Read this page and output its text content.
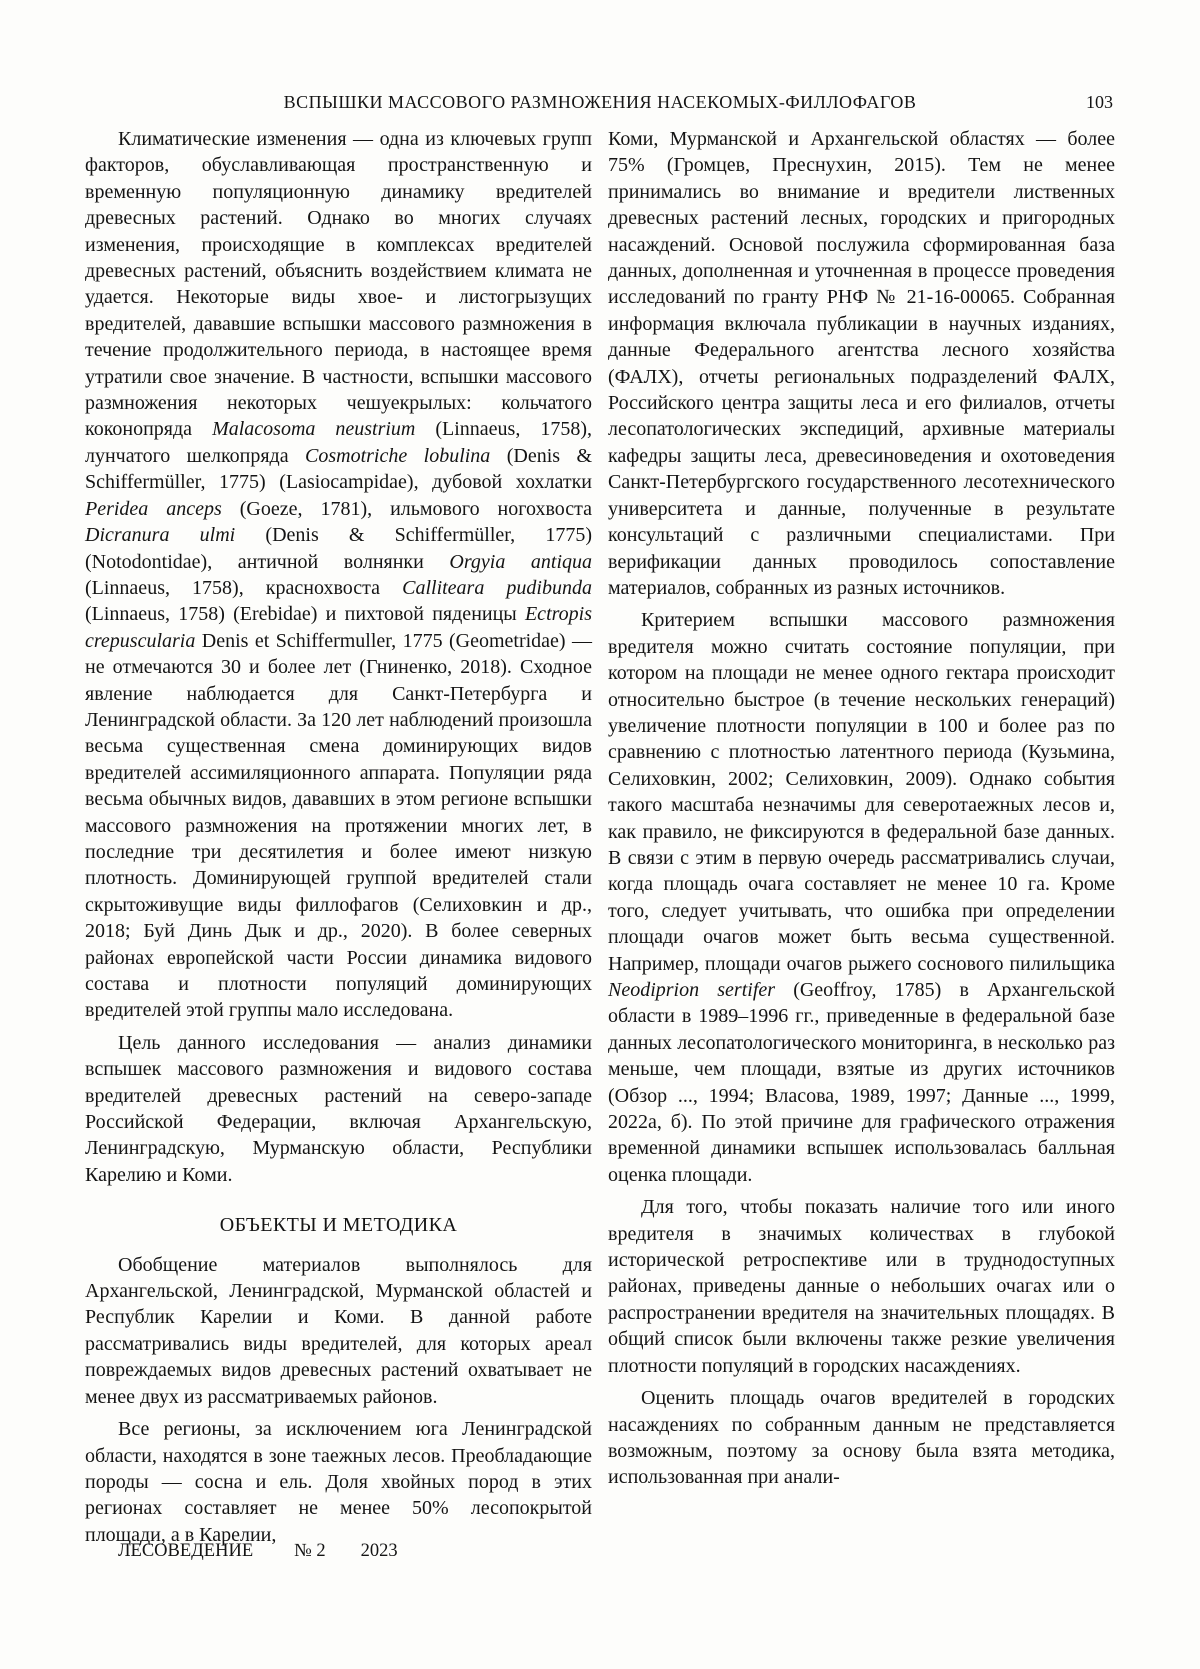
ВСПЫШКИ МАССОВОГО РАЗМНОЖЕНИЯ НАСЕКОМЫХ-ФИЛЛОФАГОВ	103

Климатические изменения — одна из ключевых групп факторов, обуславливающая пространственную и временную популяционную динамику вредителей древесных растений. Однако во многих случаях изменения, происходящие в комплексах вредителей древесных растений, объяснить воздействием климата не удается. Некоторые виды хвое- и листогрызущих вредителей, дававшие вспышки массового размножения в течение продолжительного периода, в настоящее время утратили свое значение. В частности, вспышки массового размножения некоторых чешуекрылых: кольчатого коконопряда Malacosoma neustrium (Linnaeus, 1758), лунчатого шелкопряда Cosmotriche lobulina (Denis & Schiffermüller, 1775) (Lasiocampidae), дубовой хохлатки Peridea anceps (Goeze, 1781), ильмового ногохвоста Dicranura ulmi (Denis & Schiffermüller, 1775) (Notodontidae), античной волнянки Orgyia antiqua (Linnaeus, 1758), краснохвоста Calliteara pudibunda (Linnaeus, 1758) (Erebidae) и пихтовой пяденицы Ectropis crepuscularia Denis et Schiffermuller, 1775 (Geometridae) — не отмечаются 30 и более лет (Гниненко, 2018). Сходное явление наблюдается для Санкт-Петербурга и Ленинградской области. За 120 лет наблюдений произошла весьма существенная смена доминирующих видов вредителей ассимиляционного аппарата. Популяции ряда весьма обычных видов, дававших в этом регионе вспышки массового размножения на протяжении многих лет, в последние три десятилетия и более имеют низкую плотность. Доминирующей группой вредителей стали скрытоживущие виды филлофагов (Селиховкин и др., 2018; Буй Динь Дык и др., 2020). В более северных районах европейской части России динамика видового состава и плотности популяций доминирующих вредителей этой группы мало исследована.

Цель данного исследования — анализ динамики вспышек массового размножения и видового состава вредителей древесных растений на северо-западе Российской Федерации, включая Архангельскую, Ленинградскую, Мурманскую области, Республики Карелию и Коми.

ОБЪЕКТЫ И МЕТОДИКА

Обобщение материалов выполнялось для Архангельской, Ленинградской, Мурманской областей и Республик Карелии и Коми. В данной работе рассматривались виды вредителей, для которых ареал повреждаемых видов древесных растений охватывает не менее двух из рассматриваемых районов.

Все регионы, за исключением юга Ленинградской области, находятся в зоне таежных лесов. Преобладающие породы — сосна и ель. Доля хвойных пород в этих регионах составляет не менее 50% лесопокрытой площади, а в Карелии,

Коми, Мурманской и Архангельской областях — более 75% (Громцев, Преснухин, 2015). Тем не менее принимались во внимание и вредители лиственных древесных растений лесных, городских и пригородных насаждений. Основой послужила сформированная база данных, дополненная и уточненная в процессе проведения исследований по гранту РНФ № 21-16-00065. Собранная информация включала публикации в научных изданиях, данные Федерального агентства лесного хозяйства (ФАЛХ), отчеты региональных подразделений ФАЛХ, Российского центра защиты леса и его филиалов, отчеты лесопатологических экспедиций, архивные материалы кафедры защиты леса, древесиноведения и охотоведения Санкт-Петербургского государственного лесотехнического университета и данные, полученные в результате консультаций с различными специалистами. При верификации данных проводилось сопоставление материалов, собранных из разных источников.

Критерием вспышки массового размножения вредителя можно считать состояние популяции, при котором на площади не менее одного гектара происходит относительно быстрое (в течение нескольких генераций) увеличение плотности популяции в 100 и более раз по сравнению с плотностью латентного периода (Кузьмина, Селиховкин, 2002; Селиховкин, 2009). Однако события такого масштаба незначимы для северотаежных лесов и, как правило, не фиксируются в федеральной базе данных. В связи с этим в первую очередь рассматривались случаи, когда площадь очага составляет не менее 10 га. Кроме того, следует учитывать, что ошибка при определении площади очагов может быть весьма существенной. Например, площади очагов рыжего соснового пилильщика Neodiprion sertifer (Geoffroy, 1785) в Архангельской области в 1989–1996 гг., приведенные в федеральной базе данных лесопатологического мониторинга, в несколько раз меньше, чем площади, взятые из других источников (Обзор ..., 1994; Власова, 1989, 1997; Данные ..., 1999, 2022а, б). По этой причине для графического отражения временной динамики вспышек использовалась балльная оценка площади.

Для того, чтобы показать наличие того или иного вредителя в значимых количествах в глубокой исторической ретроспективе или в труднодоступных районах, приведены данные о небольших очагах или о распространении вредителя на значительных площадях. В общий список были включены также резкие увеличения плотности популяций в городских насаждениях.

Оценить площадь очагов вредителей в городских насаждениях по собранным данным не представляется возможным, поэтому за основу была взята методика, использованная при анали-

ЛЕСОВЕДЕНИЕ № 2 2023
